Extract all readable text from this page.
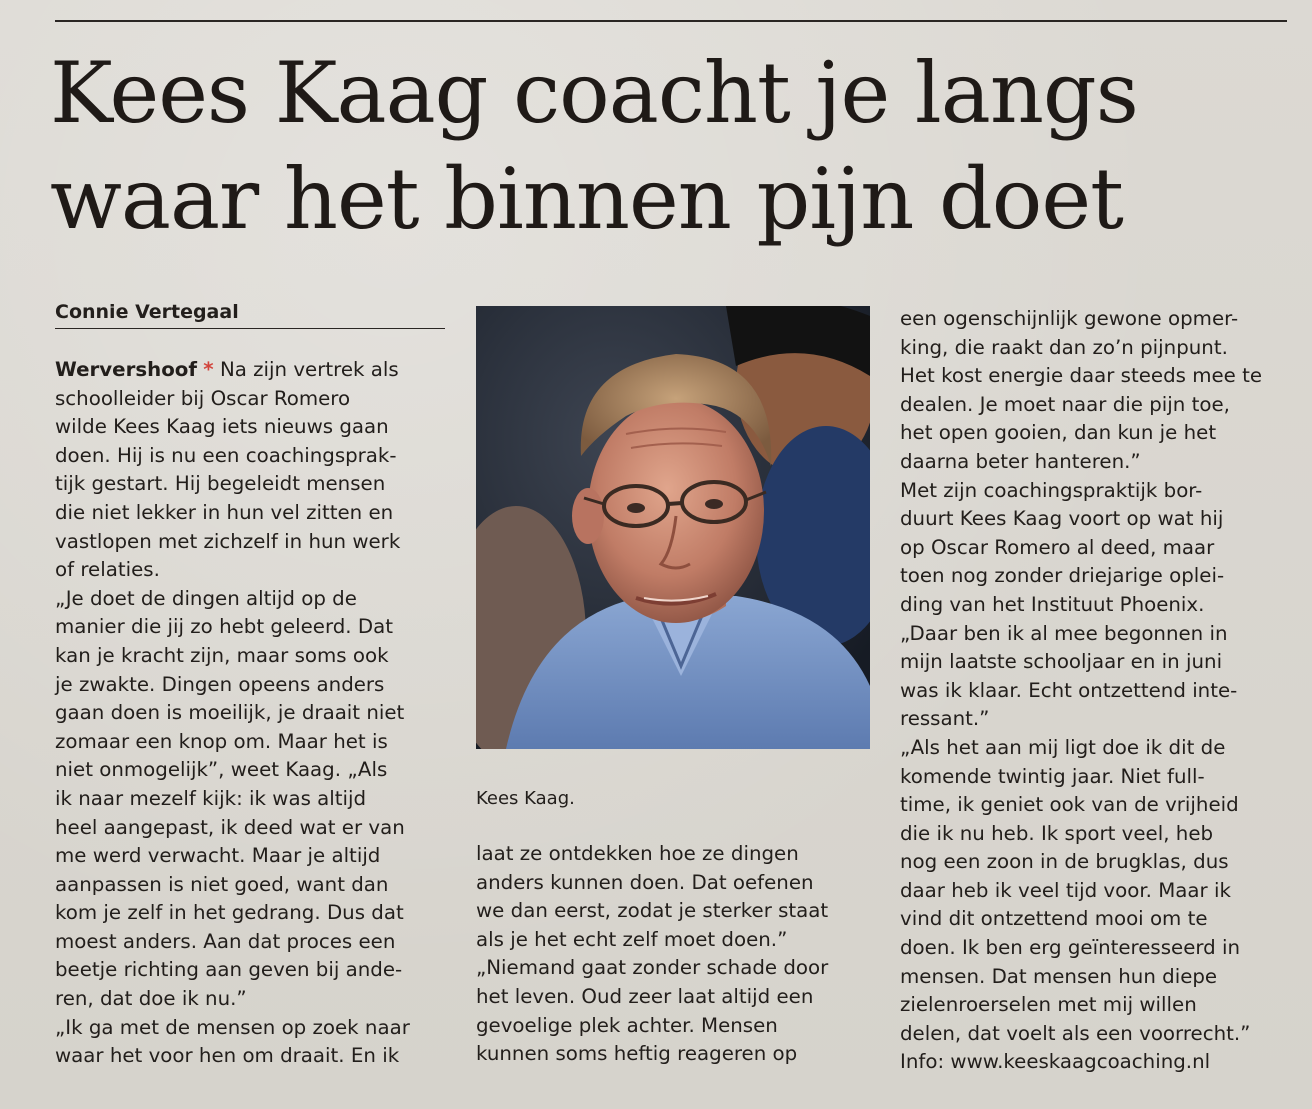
Kees Kaag coacht je langs
waar het binnen pijn doet
Connie Vertegaal

Wervershoof * Na zijn vertrek als
schoolleider bij Oscar Romero
wilde Kees Kaag iets nieuws gaan
doen. Hij is nu een coachingsprak-
tijk gestart. Hij begeleidt mensen
die niet lekker in hun vel zitten en
vastlopen met zichzelf in hun werk
of relaties.
„Je doet de dingen altijd op de
manier die jij zo hebt geleerd. Dat
kan je kracht zijn, maar soms ook
je zwakte. Dingen opeens anders
gaan doen is moeilijk, je draait niet
zomaar een knop om. Maar het is
niet onmogelijk”, weet Kaag. „Als
ik naar mezelf kijk: ik was altijd
heel aangepast, ik deed wat er van
me werd verwacht. Maar je altijd
aanpassen is niet goed, want dan
kom je zelf in het gedrang. Dus dat
moest anders. Aan dat proces een
beetje richting aan geven bij ande-
ren, dat doe ik nu.”
„Ik ga met de mensen op zoek naar
waar het voor hen om draait. En ik

Kees Kaag.

laat ze ontdekken hoe ze dingen
anders kunnen doen. Dat oefenen
we dan eerst, zodat je sterker staat
als je het echt zelf moet doen.”
„Niemand gaat zonder schade door
het leven. Oud zeer laat altijd een
gevoelige plek achter. Mensen
kunnen soms heftig reageren op

een ogenschijnlijk gewone opmer-
king, die raakt dan zo’n pijnpunt.
Het kost energie daar steeds mee te
dealen. Je moet naar die pijn toe,
het open gooien, dan kun je het
daarna beter hanteren.”
Met zijn coachingspraktijk bor-
duurt Kees Kaag voort op wat hij
op Oscar Romero al deed, maar
toen nog zonder driejarige oplei-
ding van het Instituut Phoenix.
„Daar ben ik al mee begonnen in
mijn laatste schooljaar en in juni
was ik klaar. Echt ontzettend inte-
ressant.”
„Als het aan mij ligt doe ik dit de
komende twintig jaar. Niet full-
time, ik geniet ook van de vrijheid
die ik nu heb. Ik sport veel, heb
nog een zoon in de brugklas, dus
daar heb ik veel tijd voor. Maar ik
vind dit ontzettend mooi om te
doen. Ik ben erg geïnteresseerd in
mensen. Dat mensen hun diepe
zielenroerselen met mij willen
delen, dat voelt als een voorrecht.”
Info: www.keeskaagcoaching.nl
